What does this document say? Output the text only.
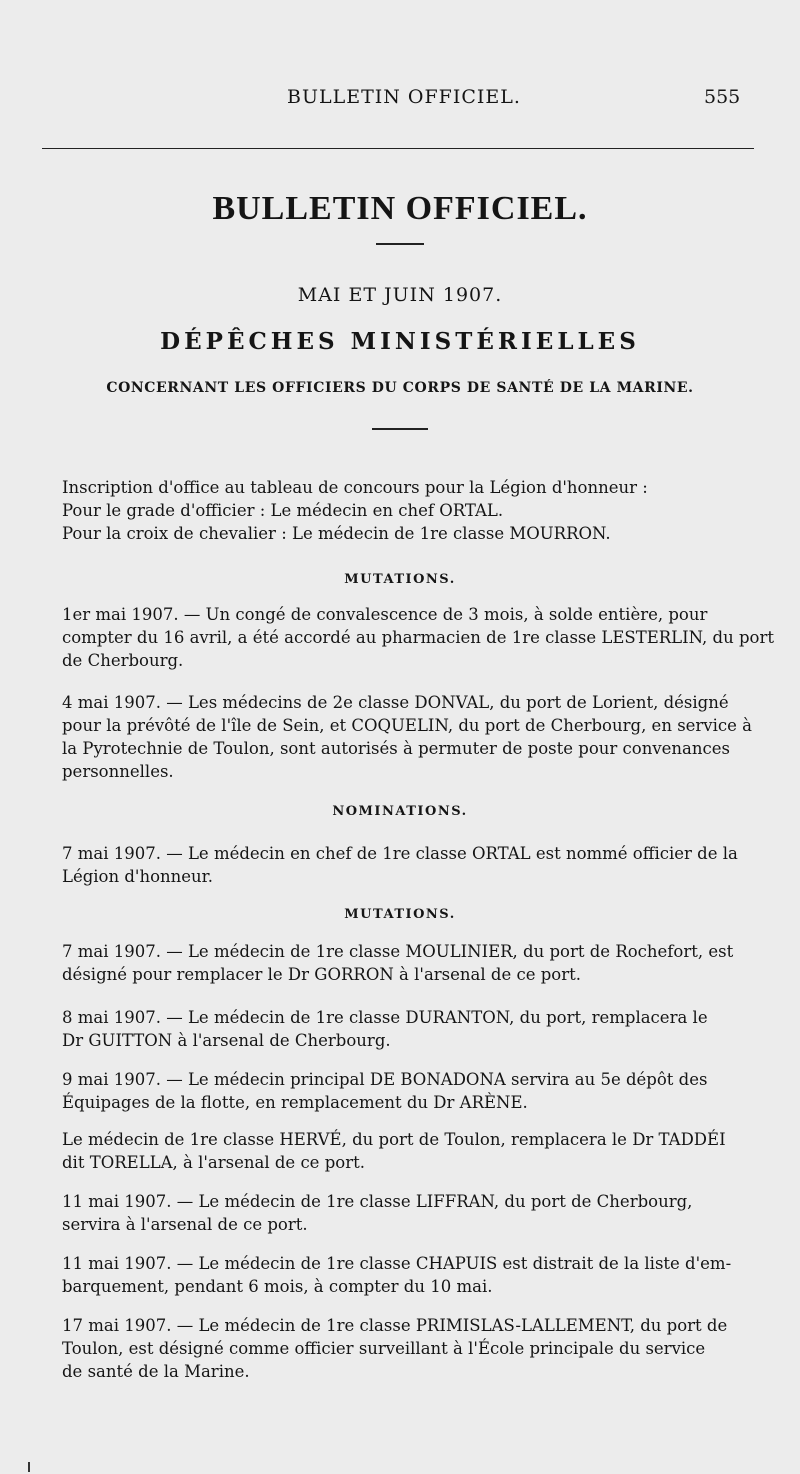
BULLETIN OFFICIEL.	555
BULLETIN OFFICIEL.
MAI ET JUIN 1907.
DÉPÊCHES MINISTÉRIELLES
CONCERNANT LES OFFICIERS DU CORPS DE SANTÉ DE LA MARINE.
Inscription d'office au tableau de concours pour la Légion d'honneur :
Pour le grade d'officier : Le médecin en chef ORTAL.
Pour la croix de chevalier : Le médecin de 1re classe MOURRON.
MUTATIONS.
1er mai 1907. — Un congé de convalescence de 3 mois, à solde entière, pour
compter du 16 avril, a été accordé au pharmacien de 1re classe LESTERLIN, du port
de Cherbourg.
4 mai 1907. — Les médecins de 2e classe DONVAL, du port de Lorient, désigné
pour la prévôté de l'île de Sein, et COQUELIN, du port de Cherbourg, en service à
la Pyrotechnie de Toulon, sont autorisés à permuter de poste pour convenances
personnelles.
NOMINATIONS.
7 mai 1907. — Le médecin en chef de 1re classe ORTAL est nommé officier de la
Légion d'honneur.
MUTATIONS.
7 mai 1907. — Le médecin de 1re classe MOULINIER, du port de Rochefort, est
désigné pour remplacer le Dr GORRON à l'arsenal de ce port.
8 mai 1907. — Le médecin de 1re classe DURANTON, du port, remplacera le
Dr GUITTON à l'arsenal de Cherbourg.
9 mai 1907. — Le médecin principal DE BONADONA servira au 5e dépôt des
Équipages de la flotte, en remplacement du Dr ARÈNE.
Le médecin de 1re classe HERVÉ, du port de Toulon, remplacera le Dr TADDÉI
dit TORELLA, à l'arsenal de ce port.
11 mai 1907. — Le médecin de 1re classe LIFFRAN, du port de Cherbourg,
servira à l'arsenal de ce port.
11 mai 1907. — Le médecin de 1re classe CHAPUIS est distrait de la liste d'em-
barquement, pendant 6 mois, à compter du 10 mai.
17 mai 1907. — Le médecin de 1re classe PRIMISLAS-LALLEMENT, du port de
Toulon, est désigné comme officier surveillant à l'École principale du service
de santé de la Marine.
